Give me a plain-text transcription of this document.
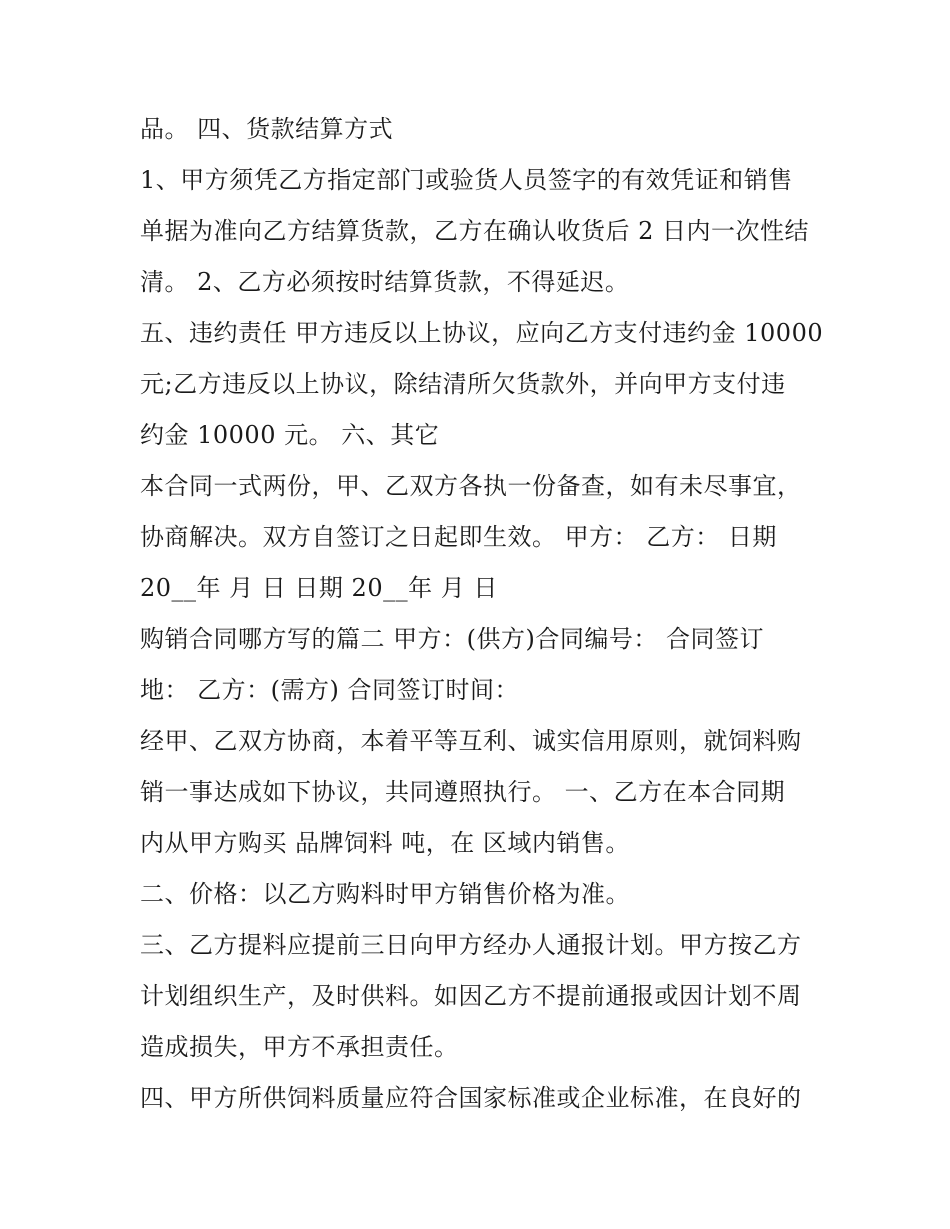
品。 四、货款结算方式
1、甲方须凭乙方指定部门或验货人员签字的有效凭证和销售
单据为准向乙方结算货款，乙方在确认收货后 2 日内一次性结
清。 2、乙方必须按时结算货款，不得延迟。
五、违约责任 甲方违反以上协议，应向乙方支付违约金 10000
元;乙方违反以上协议，除结清所欠货款外，并向甲方支付违
约金 10000 元。 六、其它
本合同一式两份，甲、乙双方各执一份备查，如有未尽事宜，
协商解决。双方自签订之日起即生效。 甲方： 乙方： 日期
20__年 月 日 日期 20__年 月 日
购销合同哪方写的篇二 甲方：(供方)合同编号： 合同签订
地： 乙方：(需方) 合同签订时间：
经甲、乙双方协商，本着平等互利、诚实信用原则，就饲料购
销一事达成如下协议，共同遵照执行。 一、乙方在本合同期
内从甲方购买 品牌饲料 吨，在 区域内销售。
二、价格：以乙方购料时甲方销售价格为准。
三、乙方提料应提前三日向甲方经办人通报计划。甲方按乙方
计划组织生产，及时供料。如因乙方不提前通报或因计划不周
造成损失，甲方不承担责任。
四、甲方所供饲料质量应符合国家标准或企业标准，在良好的
